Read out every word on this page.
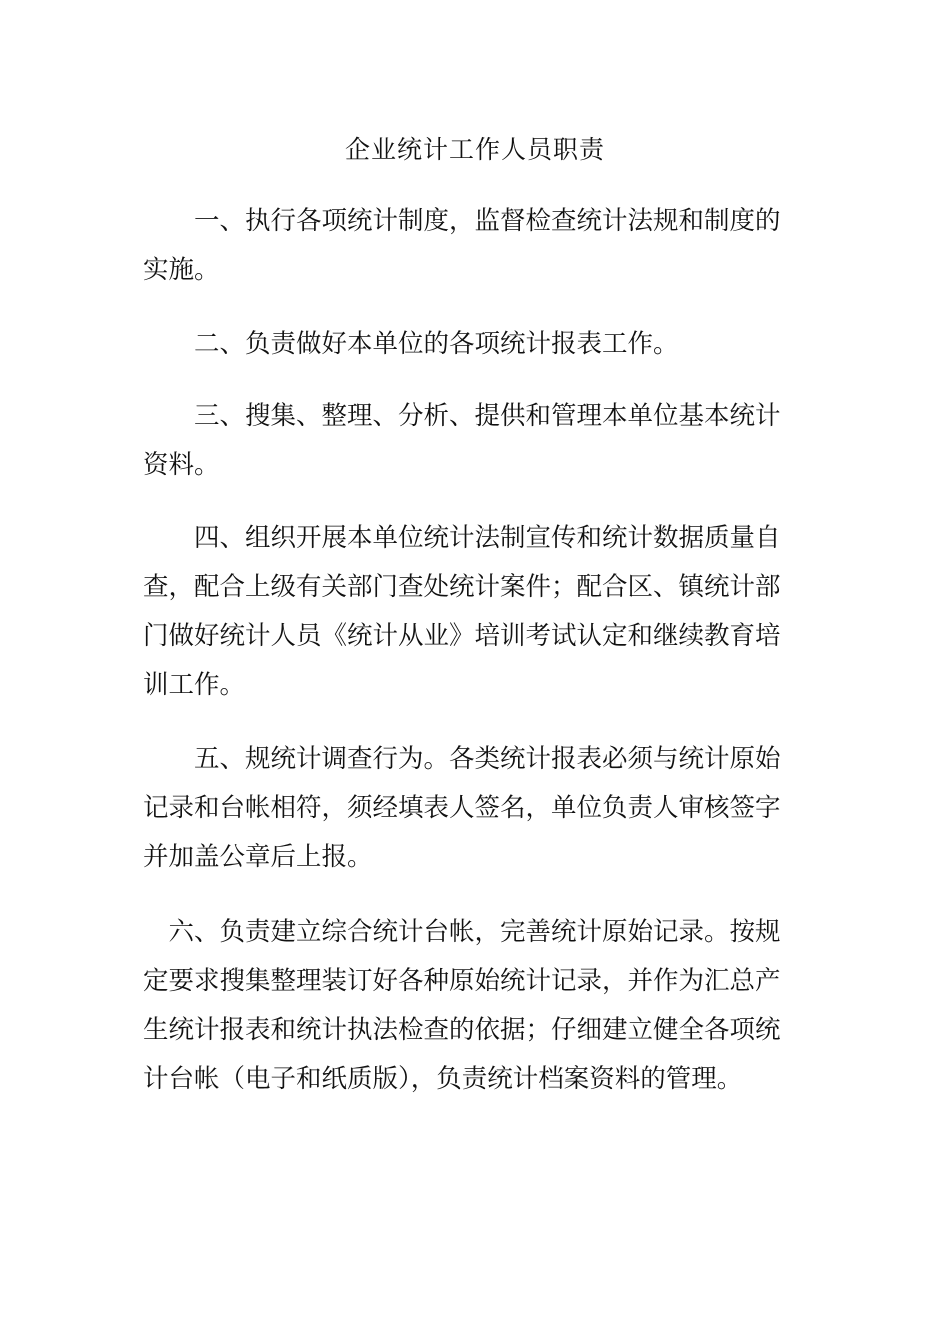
企业统计工作人员职责

　　一、执行各项统计制度，监督检查统计法规和制度的
实施。

　　二、负责做好本单位的各项统计报表工作。

　　三、搜集、整理、分析、提供和管理本单位基本统计
资料。

　　四、组织开展本单位统计法制宣传和统计数据质量自
查，配合上级有关部门查处统计案件；配合区、镇统计部
门做好统计人员《统计从业》培训考试认定和继续教育培
训工作。

　　五、规统计调查行为。各类统计报表必须与统计原始
记录和台帐相符，须经填表人签名，单位负责人审核签字
并加盖公章后上报。

　六、负责建立综合统计台帐，完善统计原始记录。按规
定要求搜集整理装订好各种原始统计记录，并作为汇总产
生统计报表和统计执法检查的依据；仔细建立健全各项统
计台帐（电子和纸质版），负责统计档案资料的管理。
